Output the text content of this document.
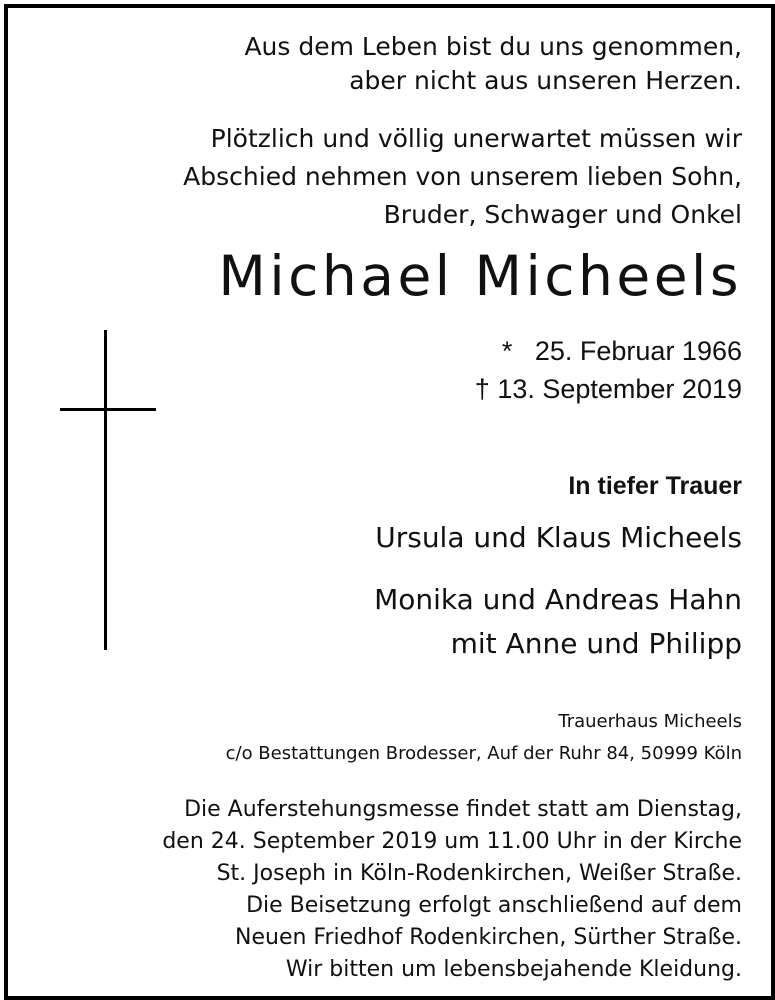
Aus dem Leben bist du uns genommen,
aber nicht aus unseren Herzen.
Plötzlich und völlig unerwartet müssen wir
Abschied nehmen von unserem lieben Sohn,
Bruder, Schwager und Onkel
Michael Micheels
* 25. Februar 1966
† 13. September 2019
In tiefer Trauer
Ursula und Klaus Micheels
Monika und Andreas Hahn
mit Anne und Philipp
Trauerhaus Micheels
c/o Bestattungen Brodesser, Auf der Ruhr 84, 50999 Köln
Die Auferstehungsmesse findet statt am Dienstag,
den 24. September 2019 um 11.00 Uhr in der Kirche
St. Joseph in Köln-Rodenkirchen, Weißer Straße.
Die Beisetzung erfolgt anschließend auf dem
Neuen Friedhof Rodenkirchen, Sürther Straße.
Wir bitten um lebensbejahende Kleidung.
